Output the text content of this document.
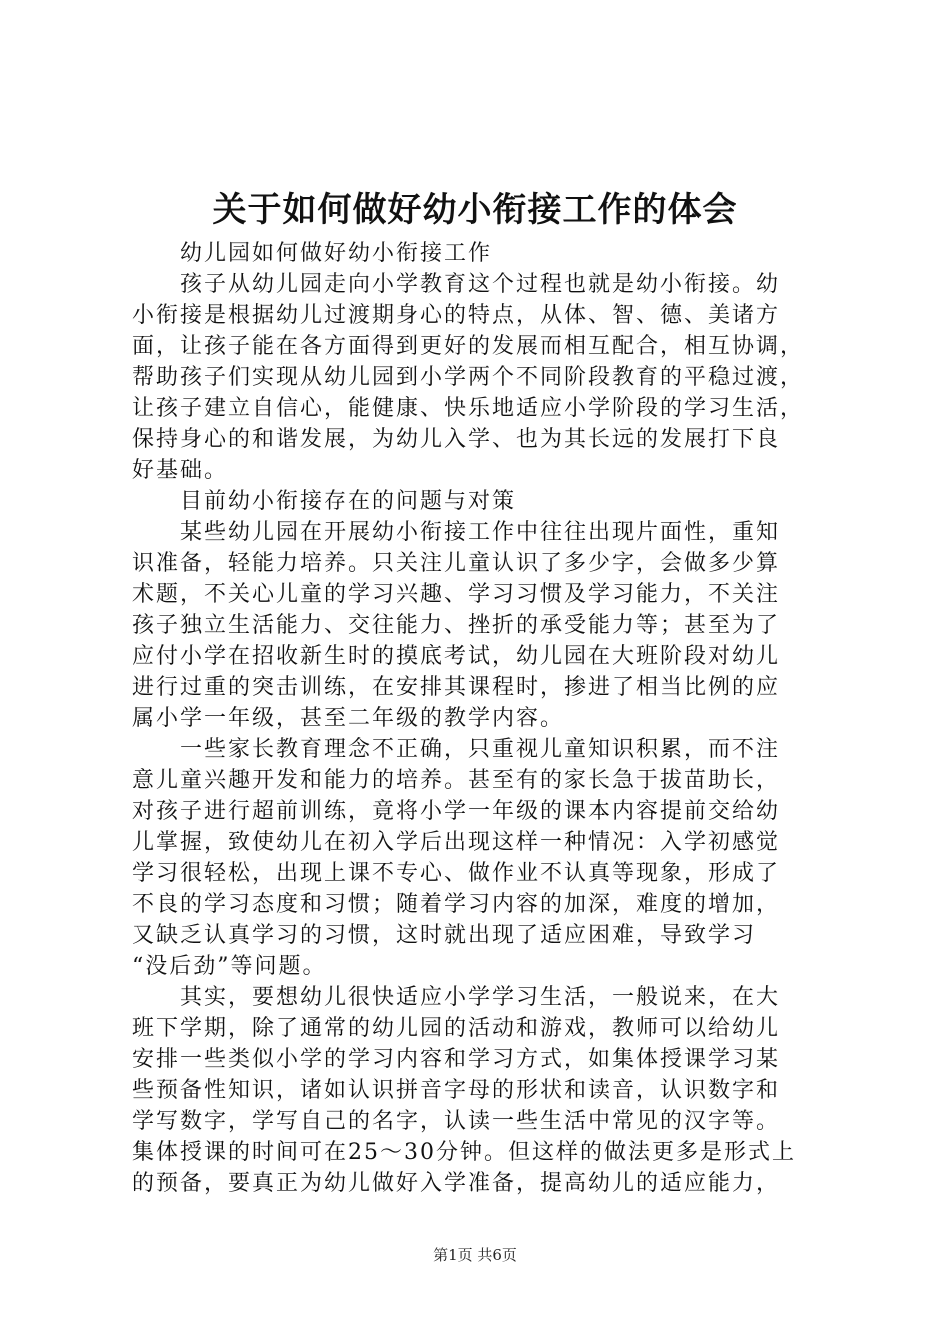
关于如何做好幼小衔接工作的体会
幼儿园如何做好幼小衔接工作
孩子从幼儿园走向小学教育这个过程也就是幼小衔接。幼
小衔接是根据幼儿过渡期身心的特点，从体、智、德、美诸方
面，让孩子能在各方面得到更好的发展而相互配合，相互协调，
帮助孩子们实现从幼儿园到小学两个不同阶段教育的平稳过渡，
让孩子建立自信心，能健康、快乐地适应小学阶段的学习生活，
保持身心的和谐发展，为幼儿入学、也为其长远的发展打下良
好基础。
目前幼小衔接存在的问题与对策
某些幼儿园在开展幼小衔接工作中往往出现片面性，重知
识准备，轻能力培养。只关注儿童认识了多少字，会做多少算
术题，不关心儿童的学习兴趣、学习习惯及学习能力，不关注
孩子独立生活能力、交往能力、挫折的承受能力等；甚至为了
应付小学在招收新生时的摸底考试，幼儿园在大班阶段对幼儿
进行过重的突击训练，在安排其课程时，掺进了相当比例的应
属小学一年级，甚至二年级的教学内容。
一些家长教育理念不正确，只重视儿童知识积累，而不注
意儿童兴趣开发和能力的培养。甚至有的家长急于拔苗助长，
对孩子进行超前训练，竟将小学一年级的课本内容提前交给幼
儿掌握，致使幼儿在初入学后出现这样一种情况：入学初感觉
学习很轻松，出现上课不专心、做作业不认真等现象，形成了
不良的学习态度和习惯；随着学习内容的加深，难度的增加，
又缺乏认真学习的习惯，这时就出现了适应困难，导致学习
“没后劲”等问题。
其实，要想幼儿很快适应小学学习生活，一般说来，在大
班下学期，除了通常的幼儿园的活动和游戏，教师可以给幼儿
安排一些类似小学的学习内容和学习方式，如集体授课学习某
些预备性知识，诸如认识拼音字母的形状和读音，认识数字和
学写数字，学写自己的名字，认读一些生活中常见的汉字等。
集体授课的时间可在25～30分钟。但这样的做法更多是形式上
的预备，要真正为幼儿做好入学准备，提高幼儿的适应能力，
第1页 共6页
